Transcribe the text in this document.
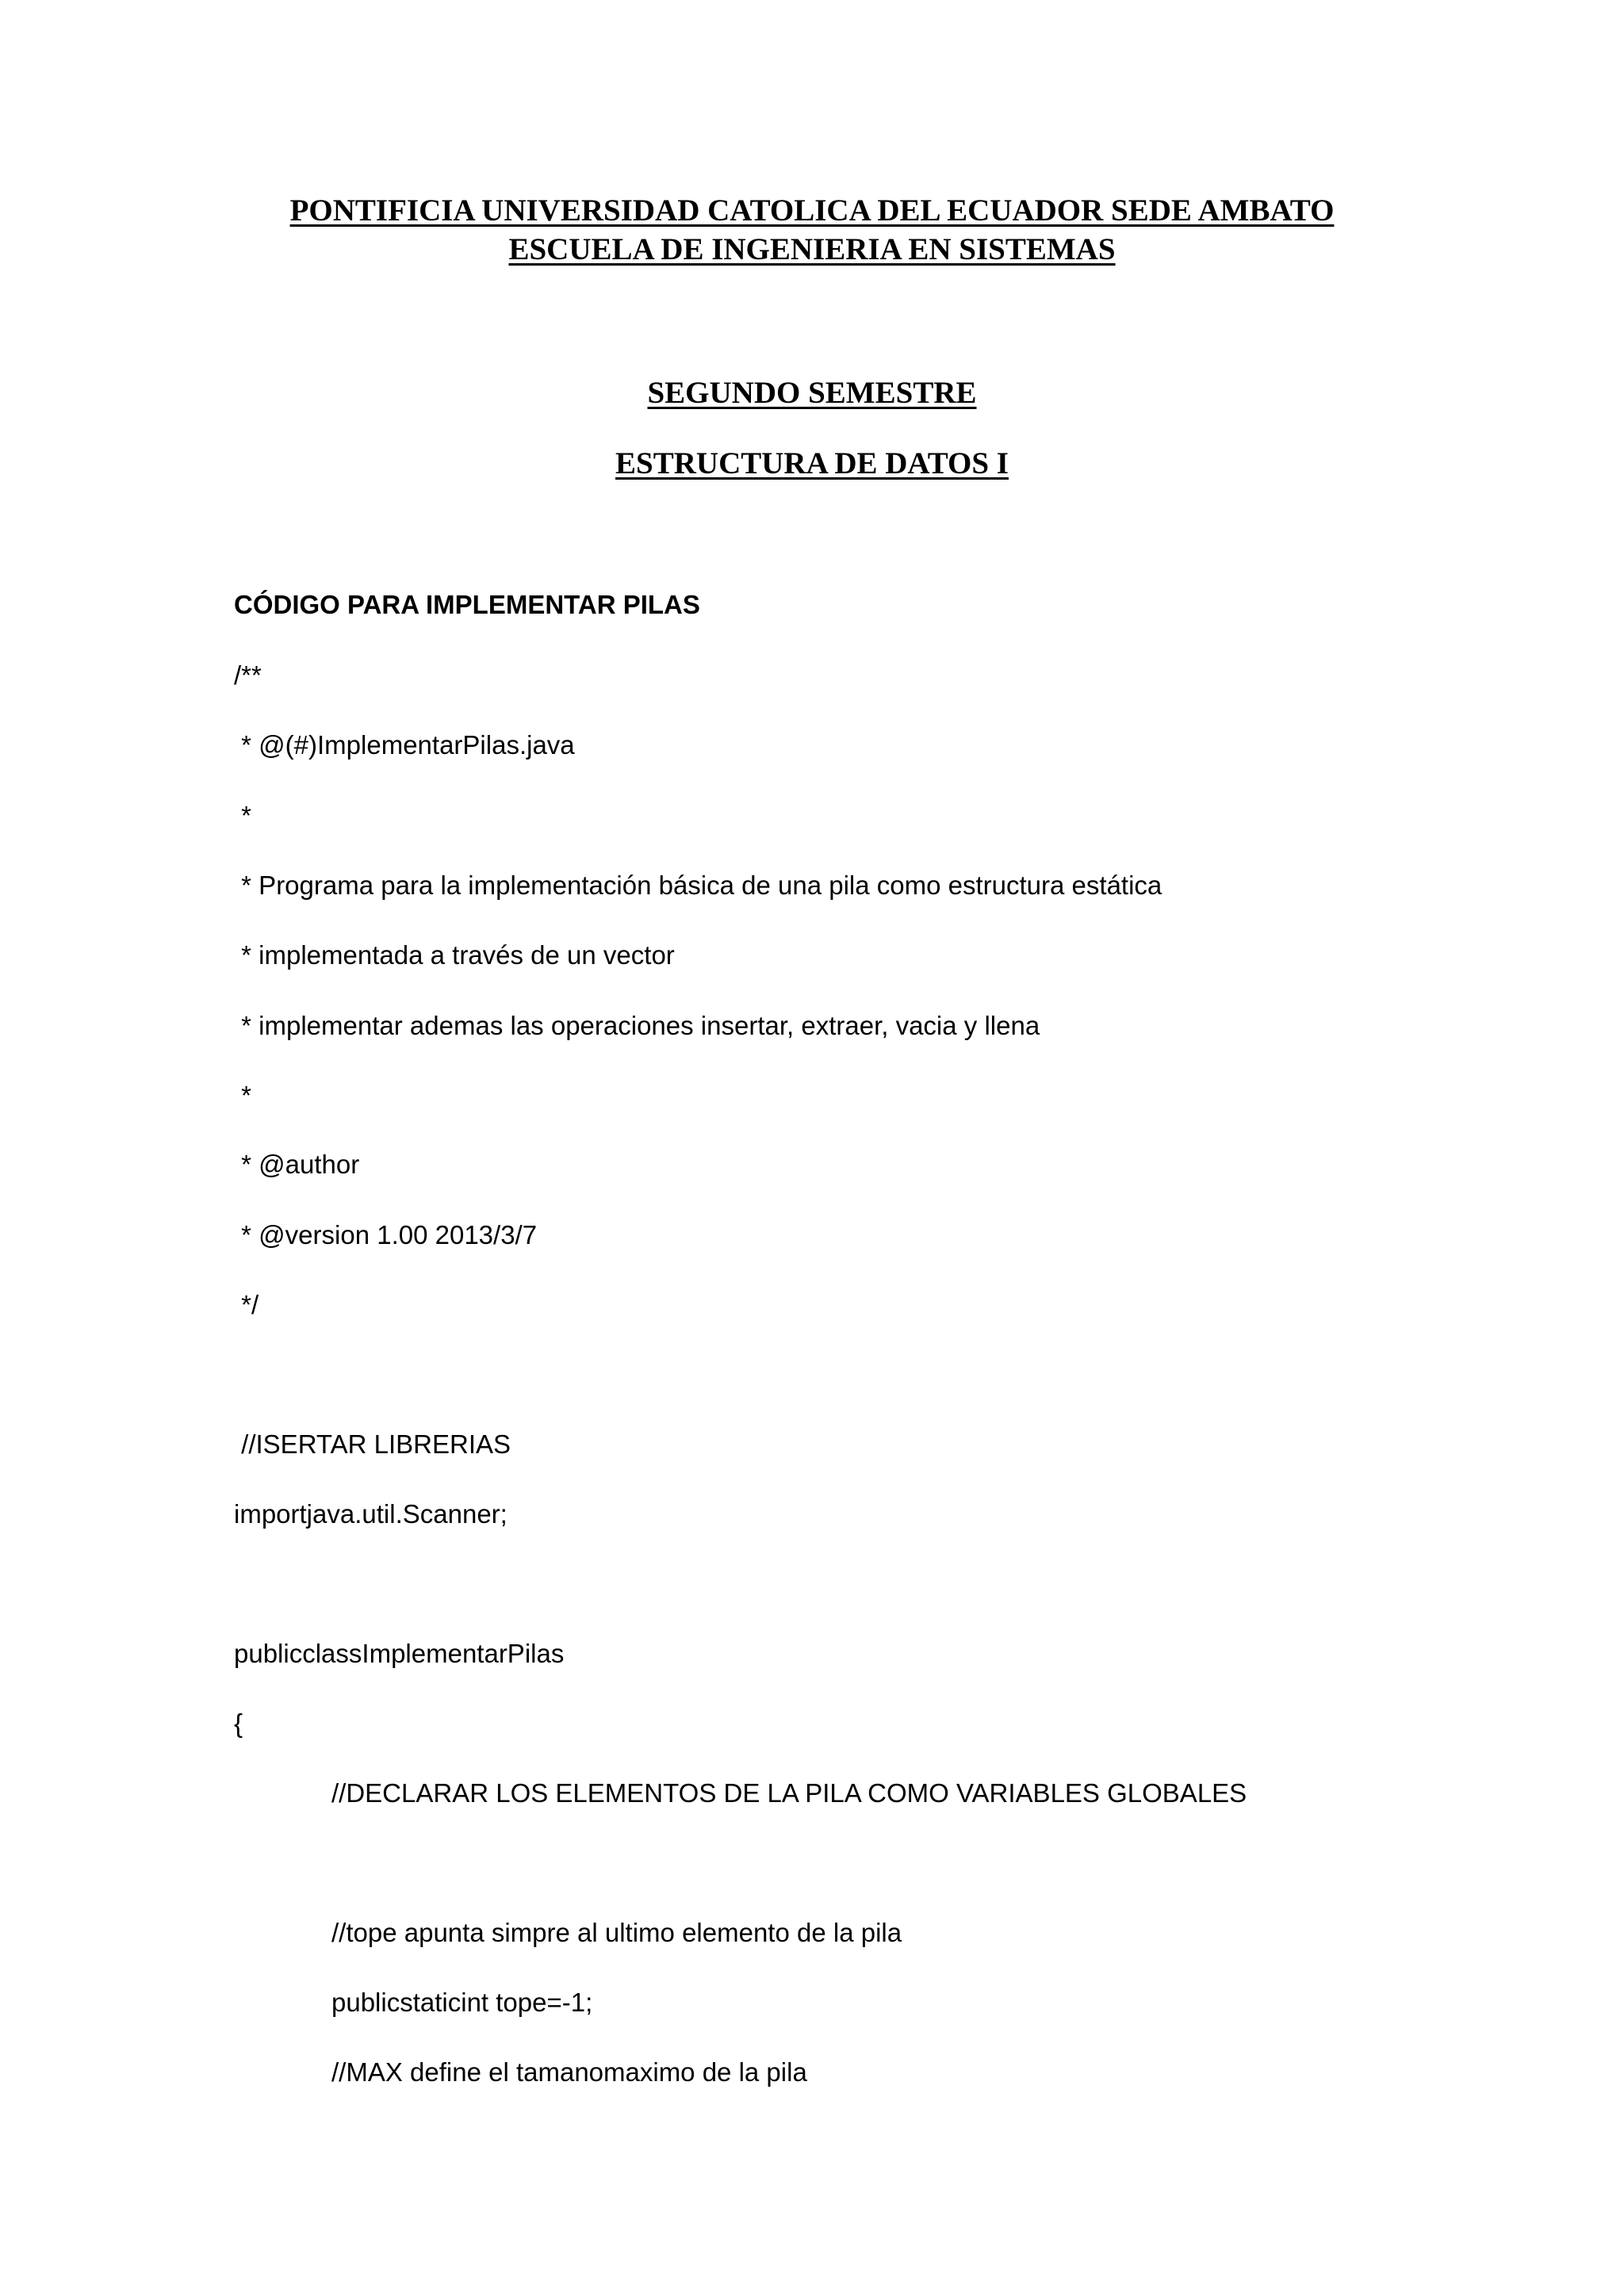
PONTIFICIA UNIVERSIDAD CATOLICA DEL ECUADOR SEDE AMBATO
ESCUELA DE INGENIERIA EN SISTEMAS
SEGUNDO SEMESTRE
ESTRUCTURA DE DATOS I
CÓDIGO PARA IMPLEMENTAR PILAS
/**
* @(#)ImplementarPilas.java
*
* Programa para la implementación básica de una pila como estructura estática
* implementada a través de un vector
* implementar ademas las operaciones insertar, extraer, vacia y llena
*
* @author
* @version 1.00 2013/3/7
*/
//ISERTAR LIBRERIAS
importjava.util.Scanner;
publicclassImplementarPilas
{
//DECLARAR LOS ELEMENTOS DE LA PILA COMO VARIABLES GLOBALES
//tope apunta simpre al ultimo elemento de la pila
publicstaticint tope=-1;
//MAX define el tamanomaximo de la pila
